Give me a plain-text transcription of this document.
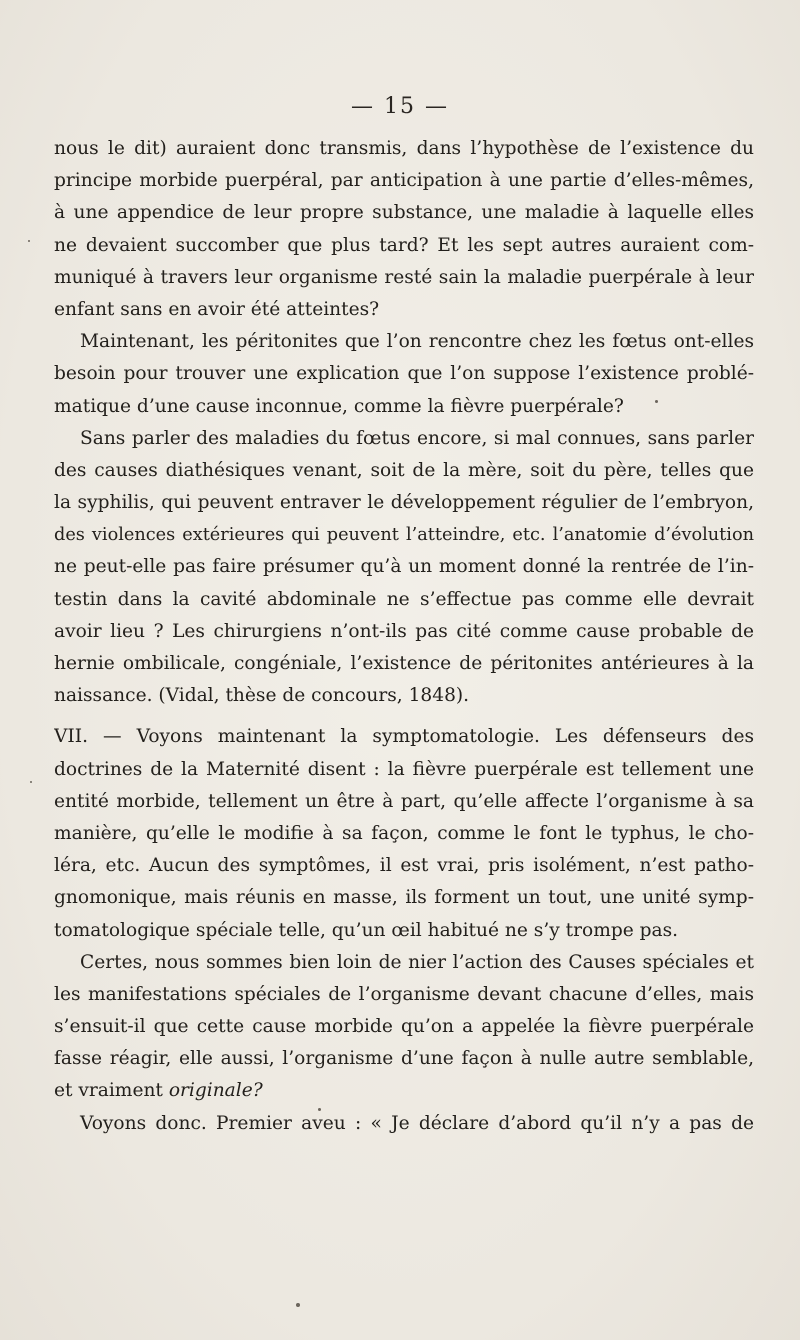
— 15 —
nous le dit) auraient donc transmis, dans l’hypothèse de l’existence du
principe morbide puerpéral, par anticipation à une partie d’elles-mêmes,
à une appendice de leur propre substance, une maladie à laquelle elles
ne devaient succomber que plus tard? Et les sept autres auraient com-
muniqué à travers leur organisme resté sain la maladie puerpérale à leur
enfant sans en avoir été atteintes?
Maintenant, les péritonites que l’on rencontre chez les fœtus ont-elles
besoin pour trouver une explication que l’on suppose l’existence problé-
matique d’une cause inconnue, comme la fièvre puerpérale?
Sans parler des maladies du fœtus encore, si mal connues, sans parler
des causes diathésiques venant, soit de la mère, soit du père, telles que
la syphilis, qui peuvent entraver le développement régulier de l’embryon,
des violences extérieures qui peuvent l’atteindre, etc. l’anatomie d’évolution
ne peut-elle pas faire présumer qu’à un moment donné la rentrée de l’in-
testin dans la cavité abdominale ne s’effectue pas comme elle devrait
avoir lieu ? Les chirurgiens n’ont-ils pas cité comme cause probable de
hernie ombilicale, congéniale, l’existence de péritonites antérieures à la
naissance. (Vidal, thèse de concours, 1848).
VII. — Voyons maintenant la symptomatologie. Les défenseurs des
doctrines de la Maternité disent : la fièvre puerpérale est tellement une
entité morbide, tellement un être à part, qu’elle affecte l’organisme à sa
manière, qu’elle le modifie à sa façon, comme le font le typhus, le cho-
léra, etc. Aucun des symptômes, il est vrai, pris isolément, n’est patho-
gnomonique, mais réunis en masse, ils forment un tout, une unité symp-
tomatologique spéciale telle, qu’un œil habitué ne s’y trompe pas.
Certes, nous sommes bien loin de nier l’action des Causes spéciales et
les manifestations spéciales de l’organisme devant chacune d’elles, mais
s’ensuit-il que cette cause morbide qu’on a appelée la fièvre puerpérale
fasse réagir, elle aussi, l’organisme d’une façon à nulle autre semblable,
et vraiment originale?
Voyons donc. Premier aveu : « Je déclare d’abord qu’il n’y a pas de
